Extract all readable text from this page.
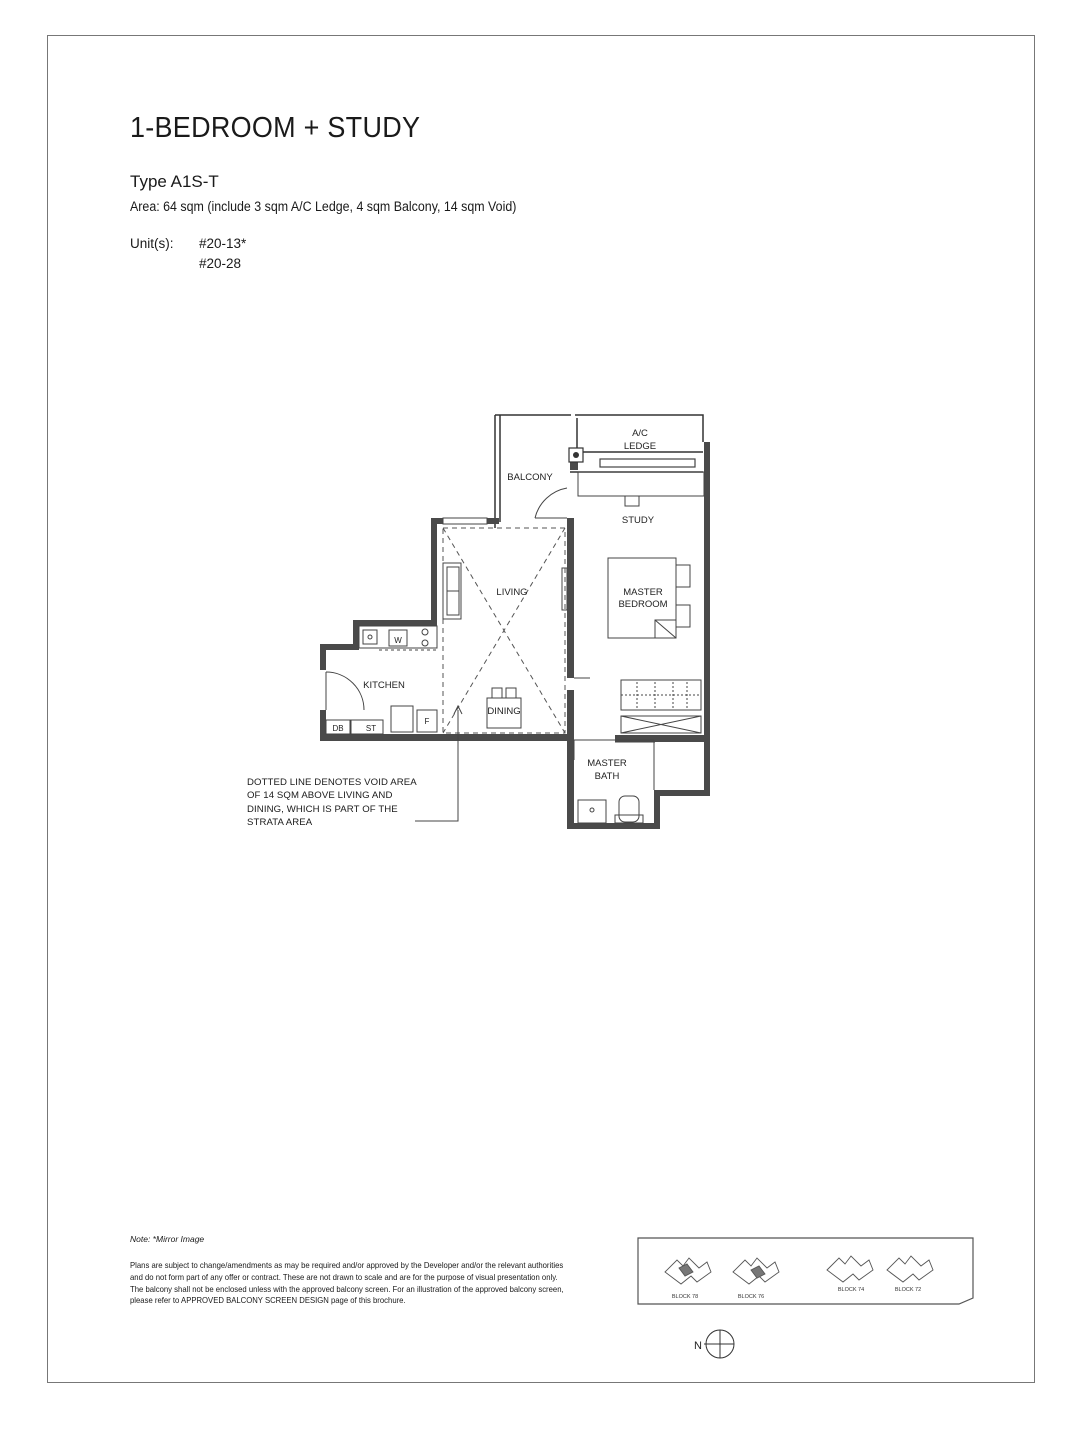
1-BEDROOM + STUDY
Type A1S-T
Area: 64 sqm (include 3 sqm A/C Ledge, 4 sqm Balcony, 14 sqm Void)
Unit(s): #20-13*
#20-28
A/C
LEDGE
BALCONY
STUDY
LIVING	MASTER
BEDROOM
KITCHEN
DINING
MASTER
BATH
DB	ST
W
F
DOTTED LINE DENOTES VOID AREA
OF 14 SQM ABOVE LIVING AND
DINING, WHICH IS PART OF THE
STRATA AREA
Note: *Mirror Image
Plans are subject to change/amendments as may be required and/or approved by the Developer and/or the relevant authorities
and do not form part of any offer or contract. These are not drawn to scale and are for the purpose of visual presentation only.
The balcony shall not be enclosed unless with the approved balcony screen. For an illustration of the approved balcony screen,
please refer to APPROVED BALCONY SCREEN DESIGN page of this brochure.	BLOCK 78	BLOCK 76
BLOCK 74	BLOCK 72
N
